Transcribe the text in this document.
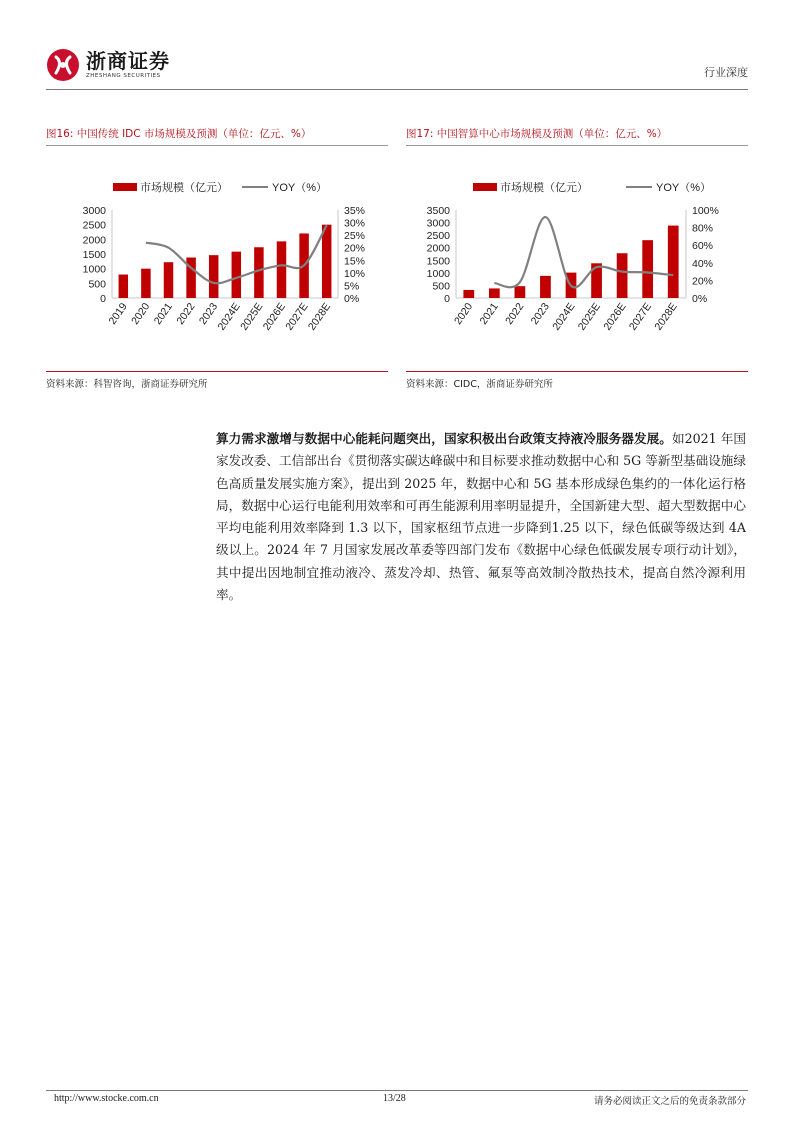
浙商证券
ZHESHANG SECURITIES	行业深度
图16: 中国传统 IDC 市场规模及预测（单位：亿元、%）
市场规模（亿元）	YOY（%）
0
500
1000
1500
2000
2500
3000
0%
5%
10%
15%
20%
25%
30%
35%
2019 2020 2021 2022 2023
2024E
2025E
2026E
2027E
2028E
资料来源：科智咨询，浙商证券研究所
图17: 中国智算中心市场规模及预测（单位：亿元、%）
市场规模（亿元）	YOY（%）
0
500
1000
1500
2000
2500
3000
3500
0%
20%
40%
60%
80%
100%
2020 2021 2022 2023
2024E
2025E
2026E
2027E
2028E
资料来源：CIDC，浙商证券研究所
算力需求激增与数据中心能耗问题突出，国家积极出台政策支持液冷服务器发展。如2021 年国家发改委、工信部出台《贯彻落实碳达峰碳中和目标要求推动数据中心和 5G 等新型基础设施绿色高质量发展实施方案》，提出到 2025 年，数据中心和 5G 基本形成绿色集约的一体化运行格局，数据中心运行电能利用效率和可再生能源利用率明显提升，全国新建大型、超大型数据中心平均电能利用效率降到 1.3 以下，国家枢纽节点进一步降到1.25 以下，绿色低碳等级达到 4A 级以上。2024 年 7 月国家发展改革委等四部门发布《数据中心绿色低碳发展专项行动计划》，其中提出因地制宜推动液冷、蒸发冷却、热管、氟泵等高效制冷散热技术，提高自然冷源利用率。
http://www.stocke.com.cn	13/28	请务必阅读正文之后的免责条款部分
